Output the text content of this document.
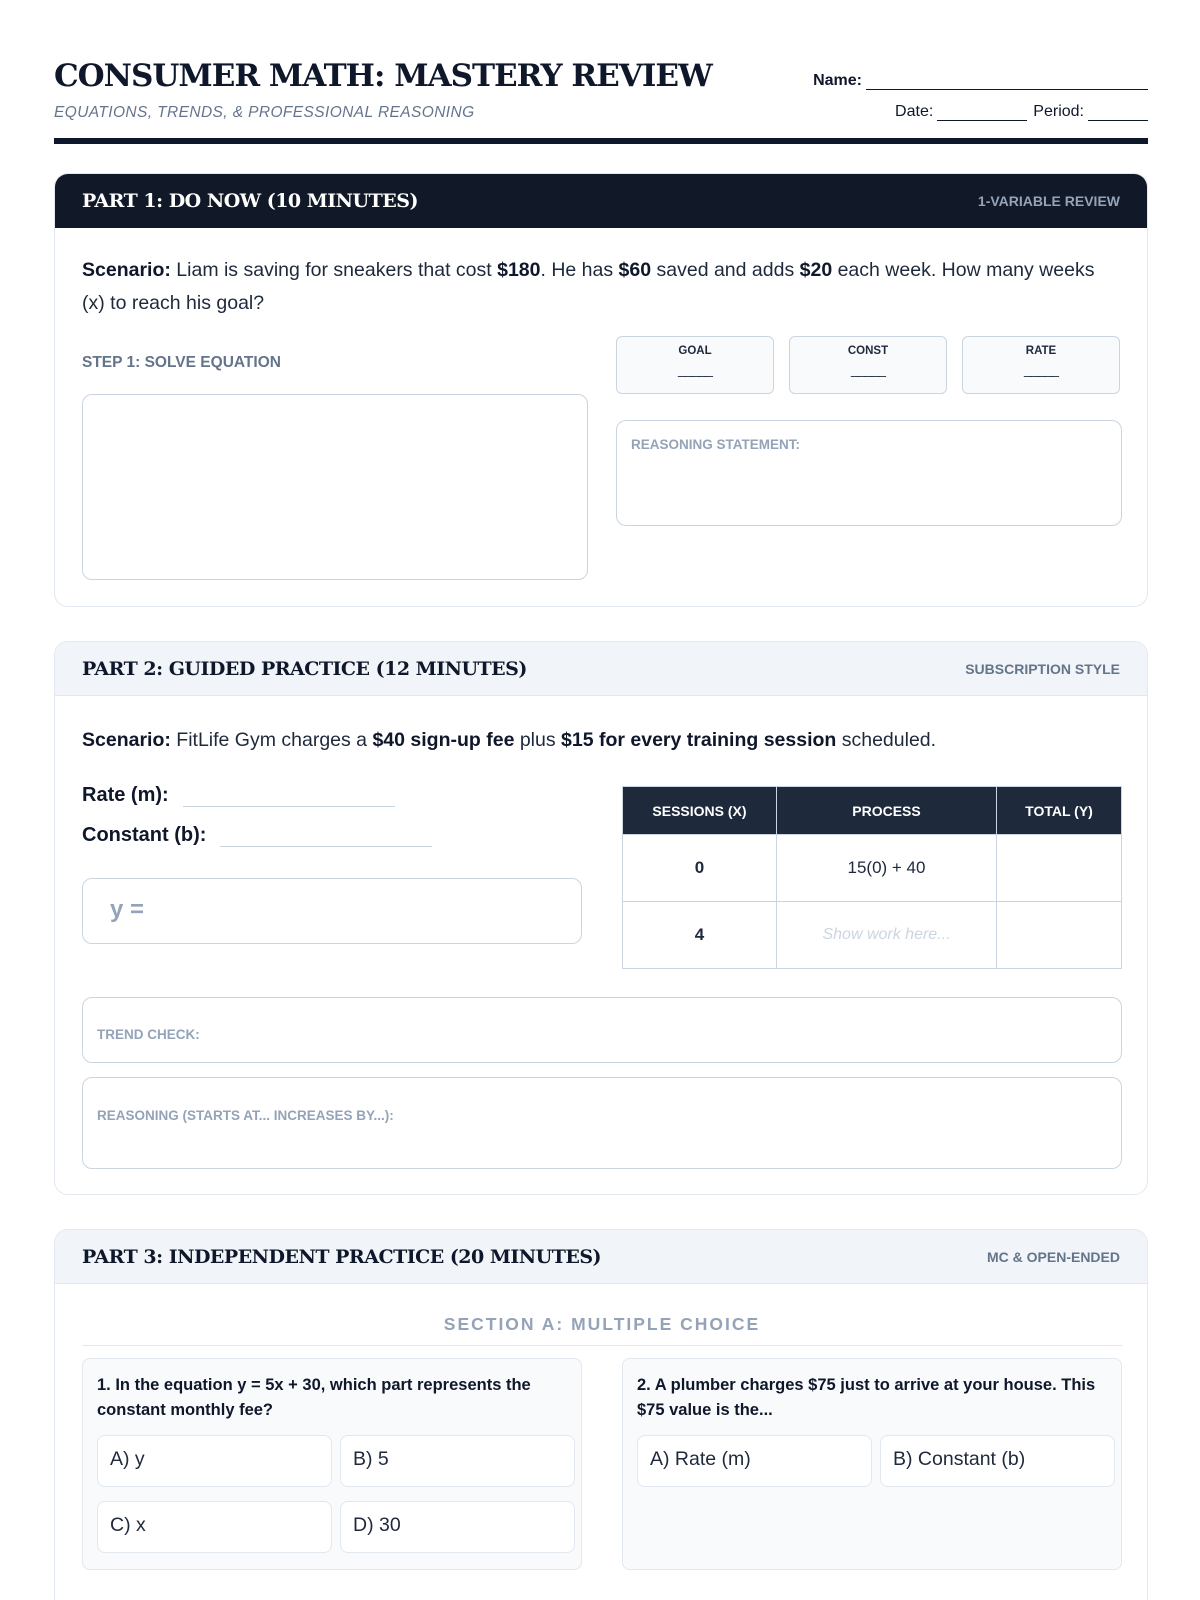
CONSUMER MATH: MASTERY REVIEW
EQUATIONS, TRENDS, & PROFESSIONAL REASONING
Name:
Date:	Period:
PART 1: DO NOW (10 MINUTES)	1-VARIABLE REVIEW
Scenario: Liam is saving for sneakers that cost $180. He has $60 saved and adds $20 each week. How many weeks (x) to reach his goal?
STEP 1: SOLVE EQUATION
GOAL
_____
CONST
_____
RATE
_____
REASONING STATEMENT:
PART 2: GUIDED PRACTICE (12 MINUTES)	SUBSCRIPTION STYLE
Scenario: FitLife Gym charges a $40 sign-up fee plus $15 for every training session scheduled.
Rate (m):
Constant (b):
y =
SESSIONS (X)	PROCESS	TOTAL (Y)
0	15(0) + 40	
4	Show work here...	
TREND CHECK:
REASONING (STARTS AT... INCREASES BY...):
PART 3: INDEPENDENT PRACTICE (20 MINUTES)	MC & OPEN-ENDED
SECTION A: MULTIPLE CHOICE
1. In the equation y = 5x + 30, which part represents the constant monthly fee?
A) y	B) 5
C) x	D) 30
2. A plumber charges $75 just to arrive at your house. This $75 value is the...
A) Rate (m)	B) Constant (b)
